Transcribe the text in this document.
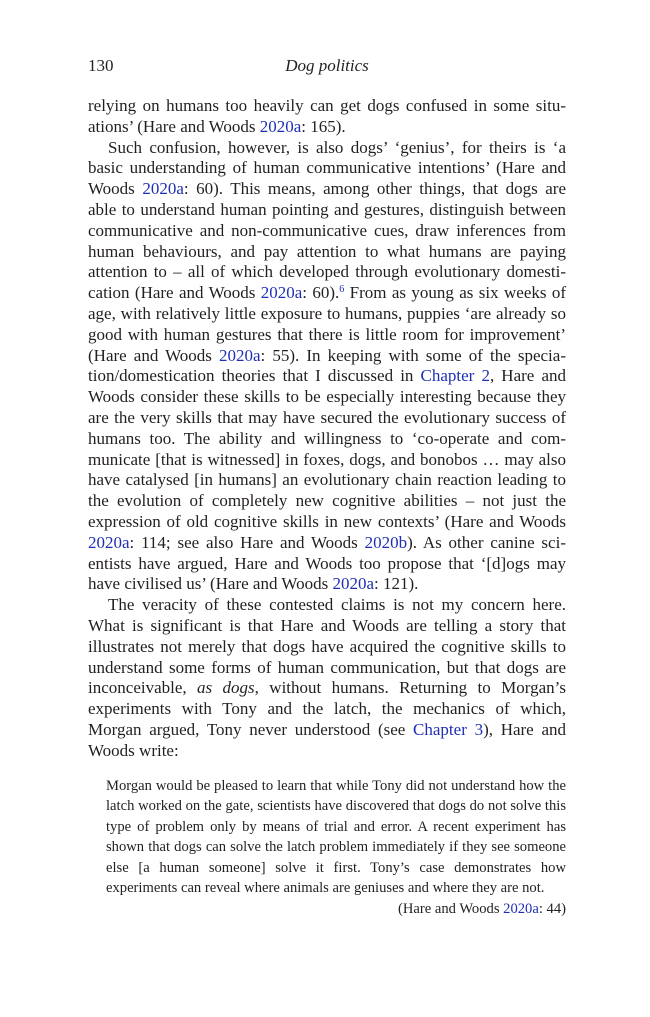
130	Dog politics

relying on humans too heavily can get dogs confused in some situations’ (Hare and Woods 2020a: 165).

Such confusion, however, is also dogs’ ‘genius’, for theirs is ‘a basic understanding of human communicative intentions’ (Hare and Woods 2020a: 60). This means, among other things, that dogs are able to understand human pointing and gestures, distinguish between communicative and non-communicative cues, draw inferences from human behaviours, and pay attention to what humans are paying attention to – all of which developed through evolutionary domestication (Hare and Woods 2020a: 60).$^6$ From as young as six weeks of age, with relatively little exposure to humans, puppies ‘are already so good with human gestures that there is little room for improvement’ (Hare and Woods 2020a: 55). In keeping with some of the speciation/domestication theories that I discussed in Chapter 2, Hare and Woods consider these skills to be especially interesting because they are the very skills that may have secured the evolutionary success of humans too. The ability and willingness to ‘co-operate and communicate [that is witnessed] in foxes, dogs, and bonobos … may also have catalysed [in humans] an evolutionary chain reaction leading to the evolution of completely new cognitive abilities – not just the expression of old cognitive skills in new contexts’ (Hare and Woods 2020a: 114; see also Hare and Woods 2020b). As other canine scientists have argued, Hare and Woods too propose that ‘[d]ogs may have civilised us’ (Hare and Woods 2020a: 121).

The veracity of these contested claims is not my concern here. What is significant is that Hare and Woods are telling a story that illustrates not merely that dogs have acquired the cognitive skills to understand some forms of human communication, but that dogs are inconceivable, as dogs, without humans. Returning to Morgan’s experiments with Tony and the latch, the mechanics of which, Morgan argued, Tony never understood (see Chapter 3), Hare and Woods write:

Morgan would be pleased to learn that while Tony did not understand how the latch worked on the gate, scientists have discovered that dogs do not solve this type of problem only by means of trial and error. A recent experiment has shown that dogs can solve the latch problem immediately if they see someone else [a human someone] solve it first. Tony’s case demonstrates how experiments can reveal where animals are geniuses and where they are not.

(Hare and Woods 2020a: 44)
